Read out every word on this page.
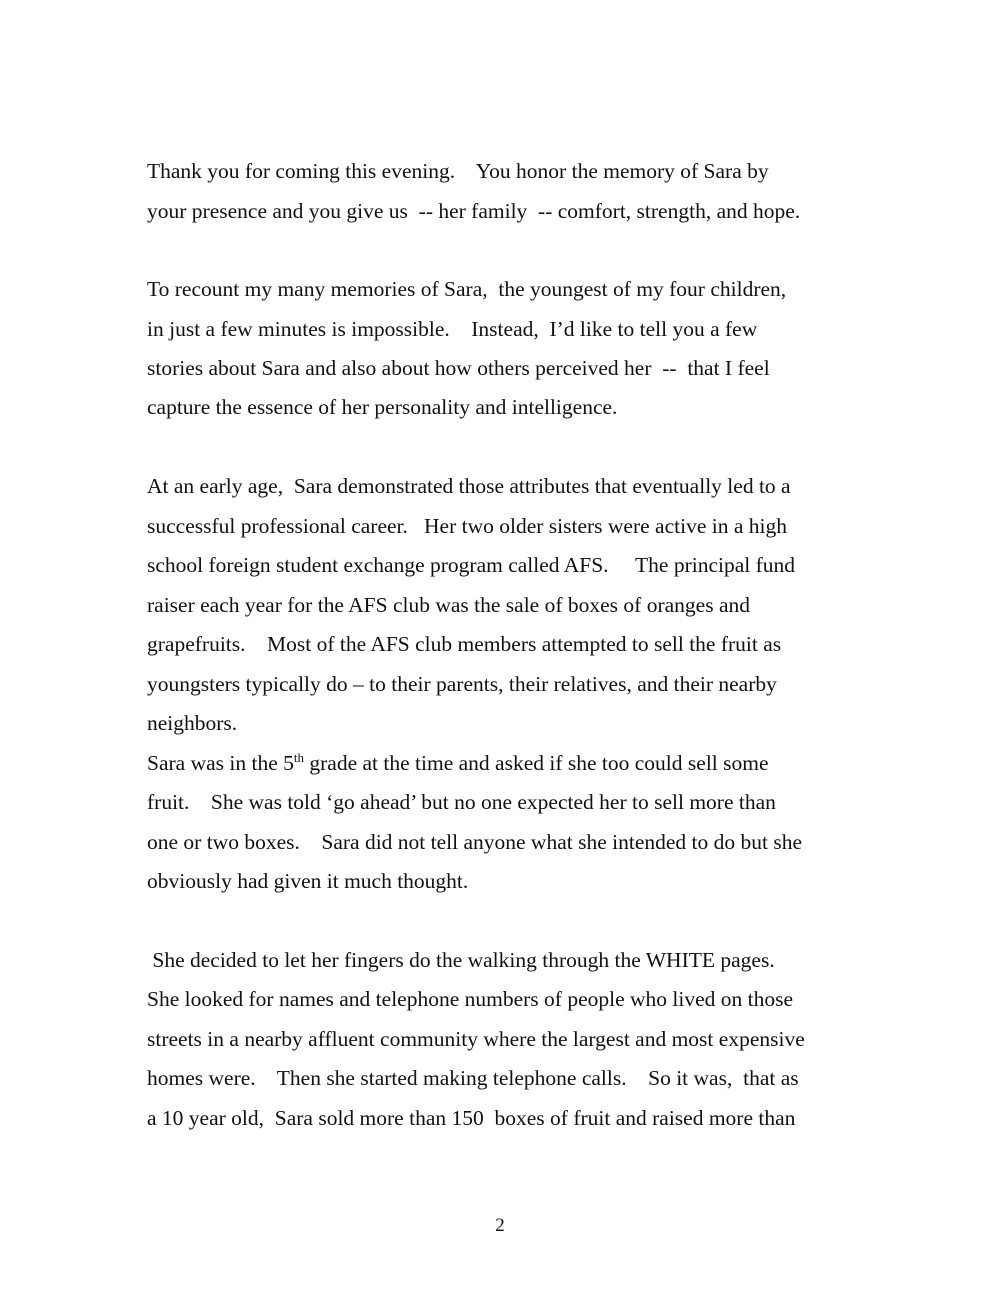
Thank you for coming this evening.    You honor the memory of Sara by
your presence and you give us  -- her family  -- comfort, strength, and hope.
To recount my many memories of Sara,  the youngest of my four children,
in just a few minutes is impossible.    Instead,  I’d like to tell you a few
stories about Sara and also about how others perceived her  --  that I feel
capture the essence of her personality and intelligence.
At an early age,  Sara demonstrated those attributes that eventually led to a
successful professional career.   Her two older sisters were active in a high
school foreign student exchange program called AFS.     The principal fund
raiser each year for the AFS club was the sale of boxes of oranges and
grapefruits.    Most of the AFS club members attempted to sell the fruit as
youngsters typically do – to their parents, their relatives, and their nearby
neighbors.
Sara was in the 5th grade at the time and asked if she too could sell some
fruit.    She was told ‘go ahead’ but no one expected her to sell more than
one or two boxes.    Sara did not tell anyone what she intended to do but she
obviously had given it much thought.
She decided to let her fingers do the walking through the WHITE pages.
She looked for names and telephone numbers of people who lived on those
streets in a nearby affluent community where the largest and most expensive
homes were.    Then she started making telephone calls.    So it was,  that as
a 10 year old,  Sara sold more than 150  boxes of fruit and raised more than
2
